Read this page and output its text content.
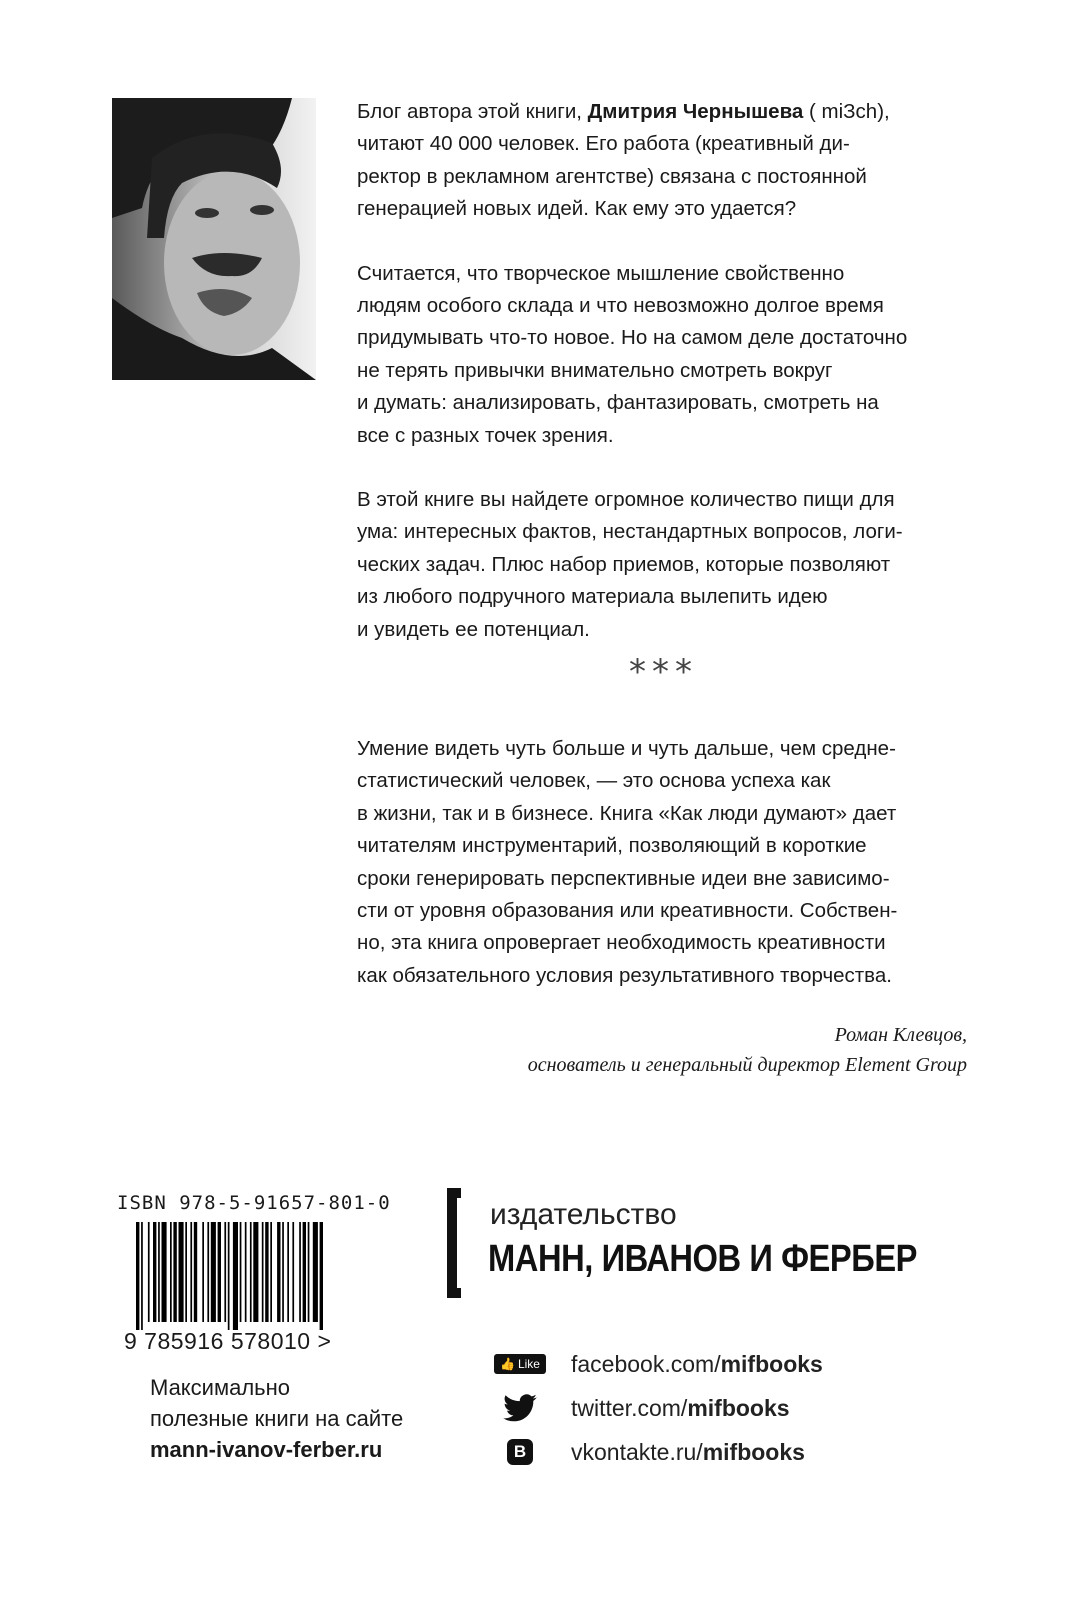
Блог автора этой книги, Дмитрия Чернышева ( miЗch),
читают 40 000 человек. Его работа (креативный ди-
ректор в рекламном агентстве) связана с постоянной
генерацией новых идей. Как ему это удается?

Считается, что творческое мышление свойственно
людям особого склада и что невозможно долгое время
придумывать что-то новое. Но на самом деле достаточно
не терять привычки внимательно смотреть вокруг
и думать: анализировать, фантазировать, смотреть на
все с разных точек зрения.

В этой книге вы найдете огромное количество пищи для
ума: интересных фактов, нестандартных вопросов, логи-
ческих задач. Плюс набор приемов, которые позволяют
из любого подручного материала вылепить идею
и увидеть ее потенциал.

***
Умение видеть чуть больше и чуть дальше, чем средне-
статистический человек, — это основа успеха как
в жизни, так и в бизнесе. Книга «Как люди думают» дает
читателям инструментарий, позволяющий в короткие
сроки генерировать перспективные идеи вне зависимо-
сти от уровня образования или креативности. Собствен-
но, эта книга опровергает необходимость креативности
как обязательного условия результативного творчества.
Роман Клевцов,
основатель и генеральный директор Element Group
ISBN 978-5-91657-801-0
9 785916 578010 >
Максимально
полезные книги на сайте
mann-ivanov-ferber.ru
издательство
МАНН, ИВАНОВ И ФЕРБЕР
👍 Like facebook.com/mifbooks
twitter.com/mifbooks
В vkontakte.ru/mifbooks
